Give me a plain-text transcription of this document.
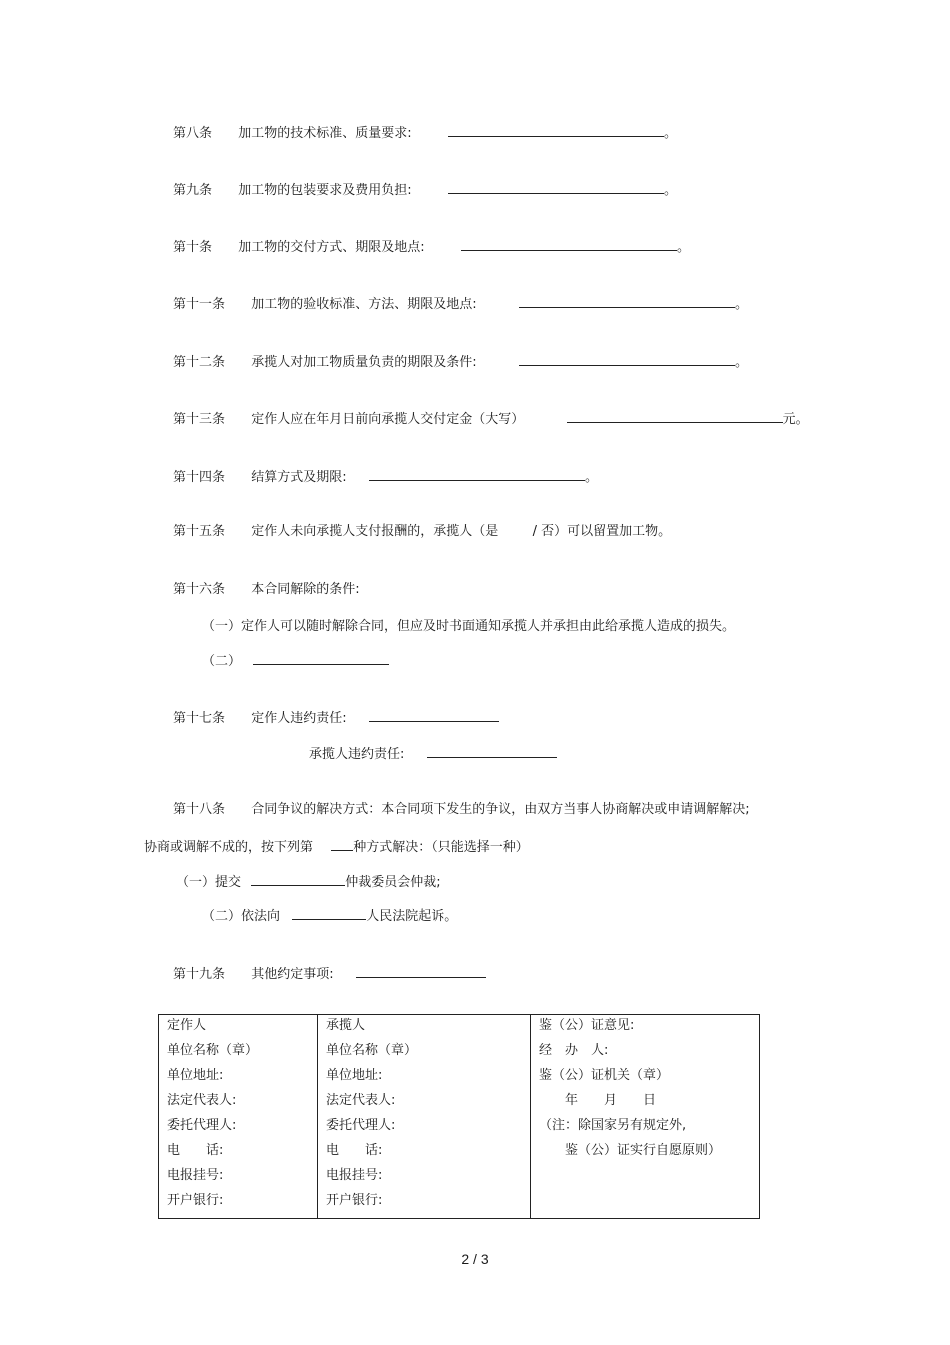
第八条 加工物的技术标准、质量要求:	。
第九条 加工物的包装要求及费用负担:	。
第十条 加工物的交付方式、期限及地点:	。
第十一条 加工物的验收标准、方法、期限及地点:	。
第十二条 承揽人对加工物质量负责的期限及条件:	。
第十三条 定作人应在年月日前向承揽人交付定金（大写）	元。
第十四条 结算方式及期限:	。
第十五条 定作人未向承揽人支付报酬的，承揽人（是	/ 否）可以留置加工物。
第十六条 本合同解除的条件:
（一）定作人可以随时解除合同，但应及时书面通知承揽人并承担由此给承揽人造成的损失。
（二）
第十七条 定作人违约责任:
承揽人违约责任:
第十八条 合同争议的解决方式：本合同项下发生的争议，由双方当事人协商解决或申请调解解决;
协商或调解不成的，按下列第	种方式解决：（只能选择一种）
（一）提交	仲裁委员会仲裁;
（二）依法向	人民法院起诉。
第十九条 其他约定事项:
定作人
单位名称（章）
单位地址:
法定代表人:
委托代理人:
电　　话:
电报挂号:
开户银行:

承揽人
单位名称（章）
单位地址:
法定代表人:
委托代理人:
电　　话:
电报挂号:
开户银行:

鉴（公）证意见:
经　办　人:
鉴（公）证机关（章）
　　年　　月　　日
（注：除国家另有规定外,
　　鉴（公）证实行自愿原则）
2 / 3
